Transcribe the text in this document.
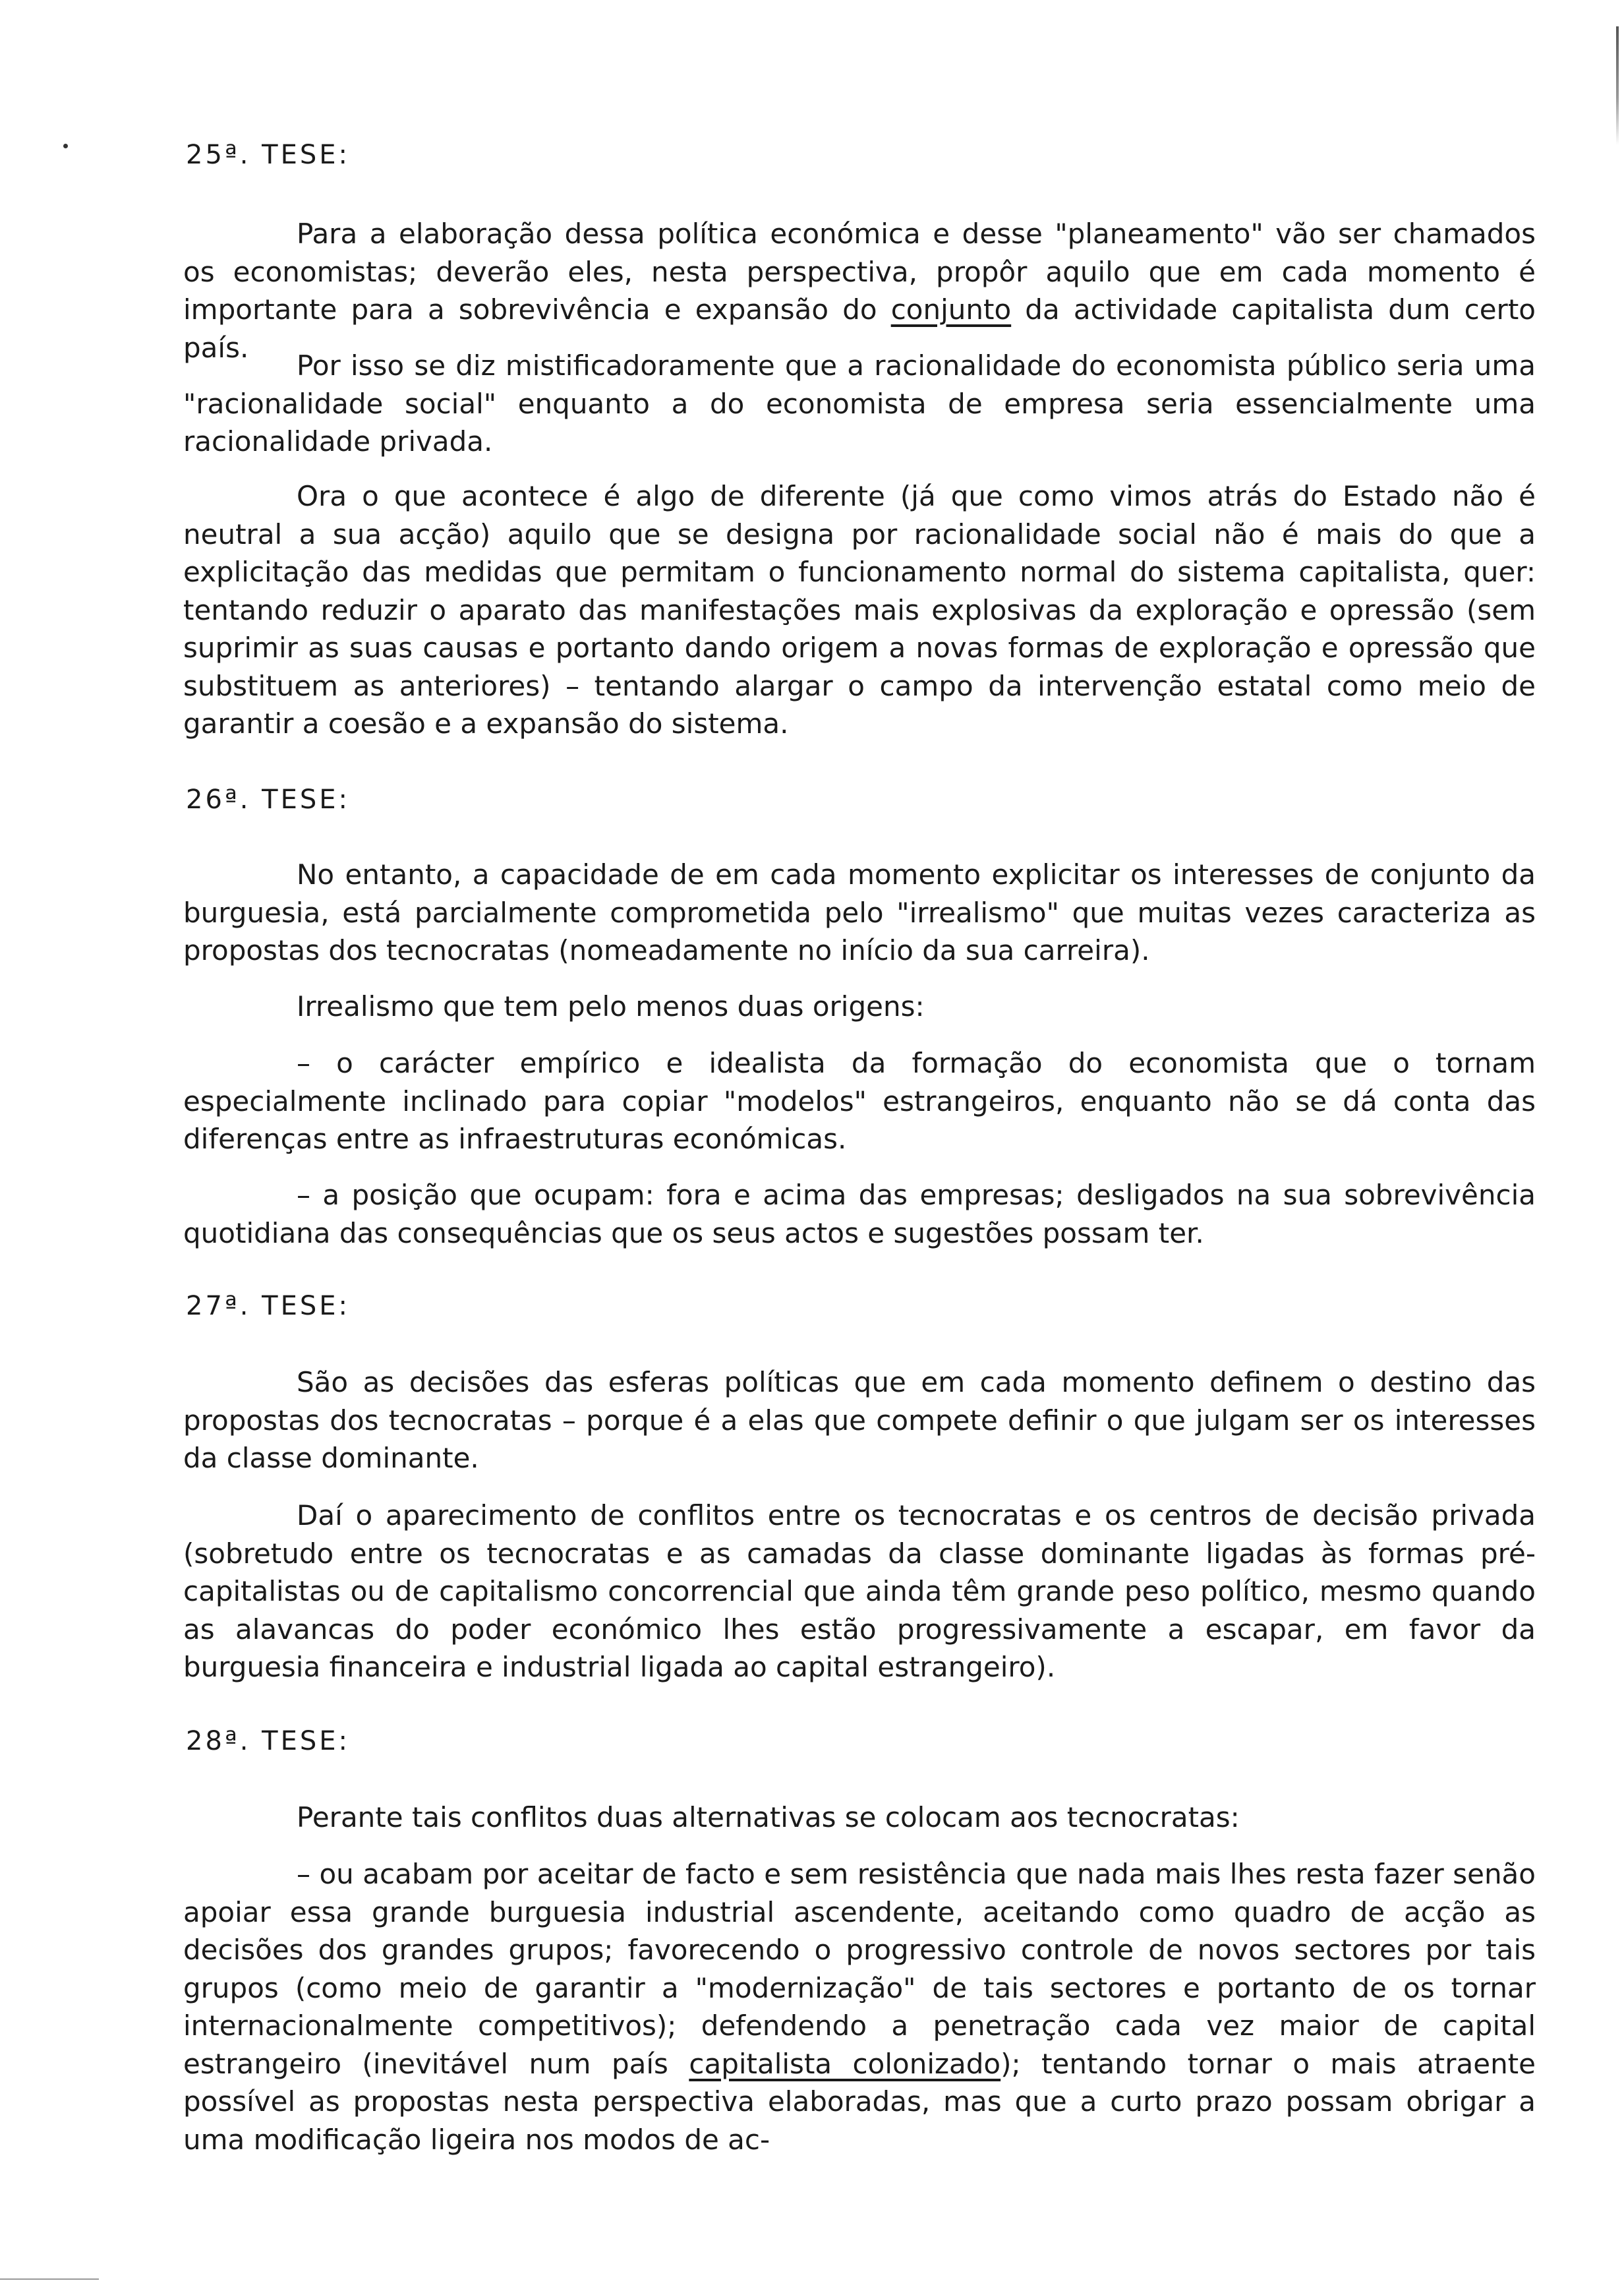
25ª. TESE:

Para a elaboração dessa política económica e desse "planeamento" vão ser chamados os economistas; deverão eles, nesta perspectiva, propôr aquilo que em cada momento é importante para a sobrevivência e expansão do conjunto da actividade capitalista dum certo país.

Por isso se diz mistificadoramente que a racionalidade do economista público seria uma "racionalidade social" enquanto a do economista de empresa seria essencialmente uma racionalidade privada.

Ora o que acontece é algo de diferente (já que como vimos atrás do Estado não é neutral a sua acção) aquilo que se designa por racionalidade social não é mais do que a explicitação das medidas que permitam o funcionamento normal do sistema capitalista, quer: tentando reduzir o aparato das manifestações mais explosivas da exploração e opressão (sem suprimir as suas causas e portanto dando origem a novas formas de exploração e opressão que substituem as anteriores) – tentando alargar o campo da intervenção estatal como meio de garantir a coesão e a expansão do sistema.

26ª. TESE:

No entanto, a capacidade de em cada momento explicitar os interesses de conjunto da burguesia, está parcialmente comprometida pelo "irrealismo" que muitas vezes caracteriza as propostas dos tecnocratas (nomeadamente no início da sua carreira).

Irrealismo que tem pelo menos duas origens:

– o carácter empírico e idealista da formação do economista que o tornam especialmente inclinado para copiar "modelos" estrangeiros, enquanto não se dá conta das diferenças entre as infraestruturas económicas.

– a posição que ocupam: fora e acima das empresas; desligados na sua sobrevivência quotidiana das consequências que os seus actos e sugestões possam ter.

27ª. TESE:

São as decisões das esferas políticas que em cada momento definem o destino das propostas dos tecnocratas – porque é a elas que compete definir o que julgam ser os interesses da classe dominante.

Daí o aparecimento de conflitos entre os tecnocratas e os centros de decisão privada (sobretudo entre os tecnocratas e as camadas da classe dominante ligadas às formas pré-capitalistas ou de capitalismo concorrencial que ainda têm grande peso político, mesmo quando as alavancas do poder económico lhes estão progressivamente a escapar, em favor da burguesia financeira e industrial ligada ao capital estrangeiro).

28ª. TESE:

Perante tais conflitos duas alternativas se colocam aos tecnocratas:

– ou acabam por aceitar de facto e sem resistência que nada mais lhes resta fazer senão apoiar essa grande burguesia industrial ascendente, aceitando como quadro de acção as decisões dos grandes grupos; favorecendo o progressivo controle de novos sectores por tais grupos (como meio de garantir a "modernização" de tais sectores e portanto de os tornar internacionalmente competitivos); defendendo a penetração cada vez maior de capital estrangeiro (inevitável num país capitalista colonizado); tentando tornar o mais atraente possível as propostas nesta perspectiva elaboradas, mas que a curto prazo possam obrigar a uma modificação ligeira nos modos de ac-
